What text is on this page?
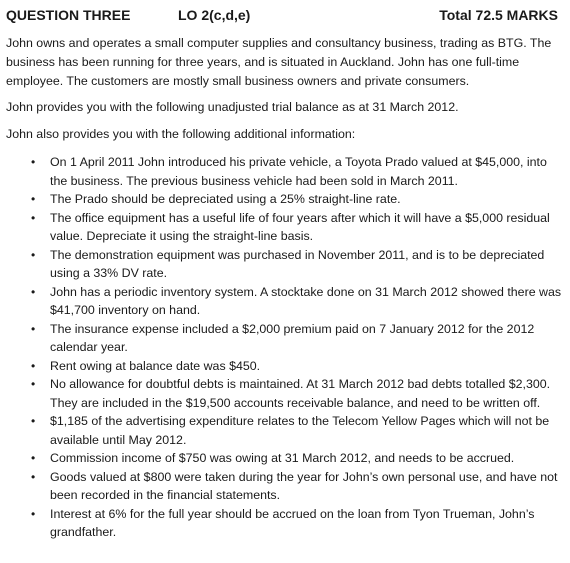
QUESTION THREE	LO 2(c,d,e)	Total 72.5 MARKS

John owns and operates a small computer supplies and consultancy business, trading as BTG. The business has been running for three years, and is situated in Auckland. John has one full-time employee. The customers are mostly small business owners and private consumers.

John provides you with the following unadjusted trial balance as at 31 March 2012.

John also provides you with the following additional information:

• On 1 April 2011 John introduced his private vehicle, a Toyota Prado valued at $45,000, into the business. The previous business vehicle had been sold in March 2011.
• The Prado should be depreciated using a 25% straight-line rate.
• The office equipment has a useful life of four years after which it will have a $5,000 residual value. Depreciate it using the straight-line basis.
• The demonstration equipment was purchased in November 2011, and is to be depreciated using a 33% DV rate.
• John has a periodic inventory system. A stocktake done on 31 March 2012 showed there was $41,700 inventory on hand.
• The insurance expense included a $2,000 premium paid on 7 January 2012 for the 2012 calendar year.
• Rent owing at balance date was $450.
• No allowance for doubtful debts is maintained. At 31 March 2012 bad debts totalled $2,300. They are included in the $19,500 accounts receivable balance, and need to be written off.
• $1,185 of the advertising expenditure relates to the Telecom Yellow Pages which will not be available until May 2012.
• Commission income of $750 was owing at 31 March 2012, and needs to be accrued.
• Goods valued at $800 were taken during the year for John’s own personal use, and have not been recorded in the financial statements.
• Interest at 6% for the full year should be accrued on the loan from Tyon Trueman, John’s grandfather.
